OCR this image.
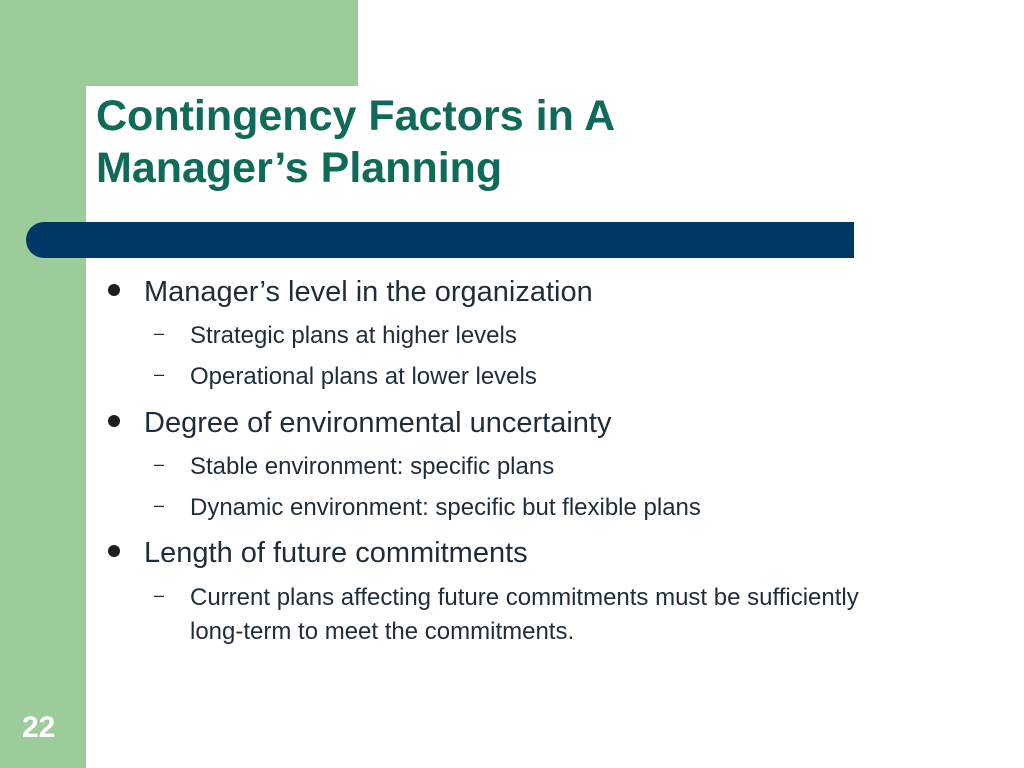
Contingency Factors in A
Manager’s Planning
Manager’s level in the organization
–	Strategic plans at higher levels
–	Operational plans at lower levels
Degree of environmental uncertainty
–	Stable environment: specific plans
–	Dynamic environment: specific but flexible plans
Length of future commitments
–	Current plans affecting future commitments must be sufficiently long-term to meet the commitments.
22
